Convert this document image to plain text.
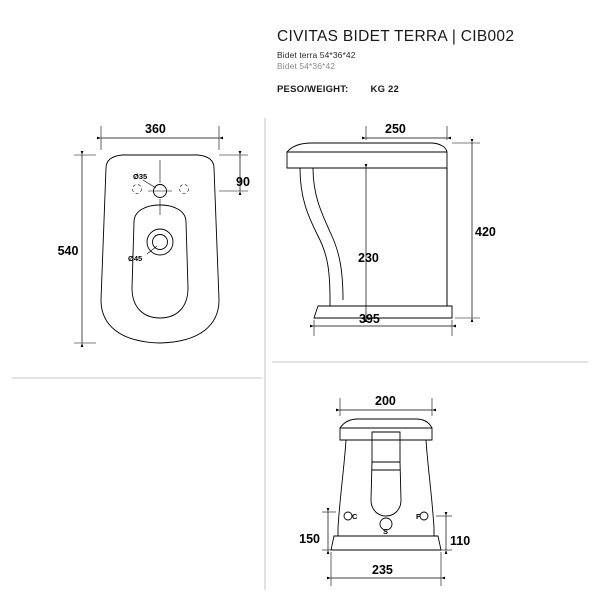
CIVITAS BIDET TERRA | CIB002
Bidet terra 54*36*42
Bidet 54*36*42
PESO/WEIGHT: KG 22
Ø35
Ø45
360
540
90
250
420
230
395
C	F
S
200
150	110
235
